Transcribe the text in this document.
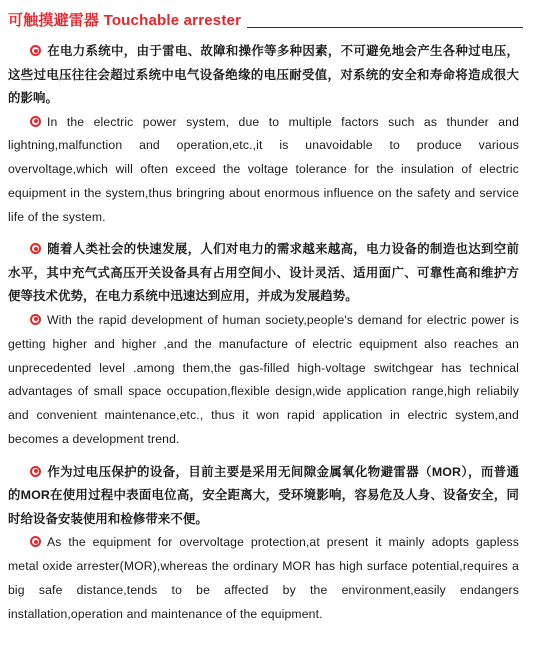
可触摸避雷器 Touchable arrester

在电力系统中，由于雷电、故障和操作等多种因素，不可避免地会产生各种过电压，这些过电压往往会超过系统中电气设备绝缘的电压耐受值，对系统的安全和寿命将造成很大的影响。

In the electric power system, due to multiple factors such as thunder and lightning,malfunction and operation,etc.,it is unavoidable to produce various overvoltage,which will often exceed the voltage tolerance for the insulation of electric equipment in the system,thus bringring about enormous influence on the safety and service life of the system.

随着人类社会的快速发展，人们对电力的需求越来越高，电力设备的制造也达到空前水平，其中充气式高压开关设备具有占用空间小、设计灵活、适用面广、可靠性高和维护方便等技术优势，在电力系统中迅速达到应用，并成为发展趋势。

With the rapid development of human society,people's demand for electric power is getting higher and higher ,and the manufacture of electric equipment also reaches an unprecedented level .among them,the gas-filled high-voltage switchgear has technical advantages of small space occupation,flexible design,wide application range,high reliabily and convenient maintenance,etc., thus it won rapid application in electric system,and becomes a development trend.

作为过电压保护的设备，目前主要是采用无间隙金属氧化物避雷器（MOR），而普通的MOR在使用过程中表面电位高，安全距离大，受环境影响，容易危及人身、设备安全，同时给设备安装使用和检修带来不便。

As the equipment for overvoltage protection,at present it mainly adopts gapless metal oxide arrester(MOR),whereas the ordinary MOR has high surface potential,requires a big safe distance,tends to be affected by the environment,easily endangers installation,operation and maintenance of the equipment.
